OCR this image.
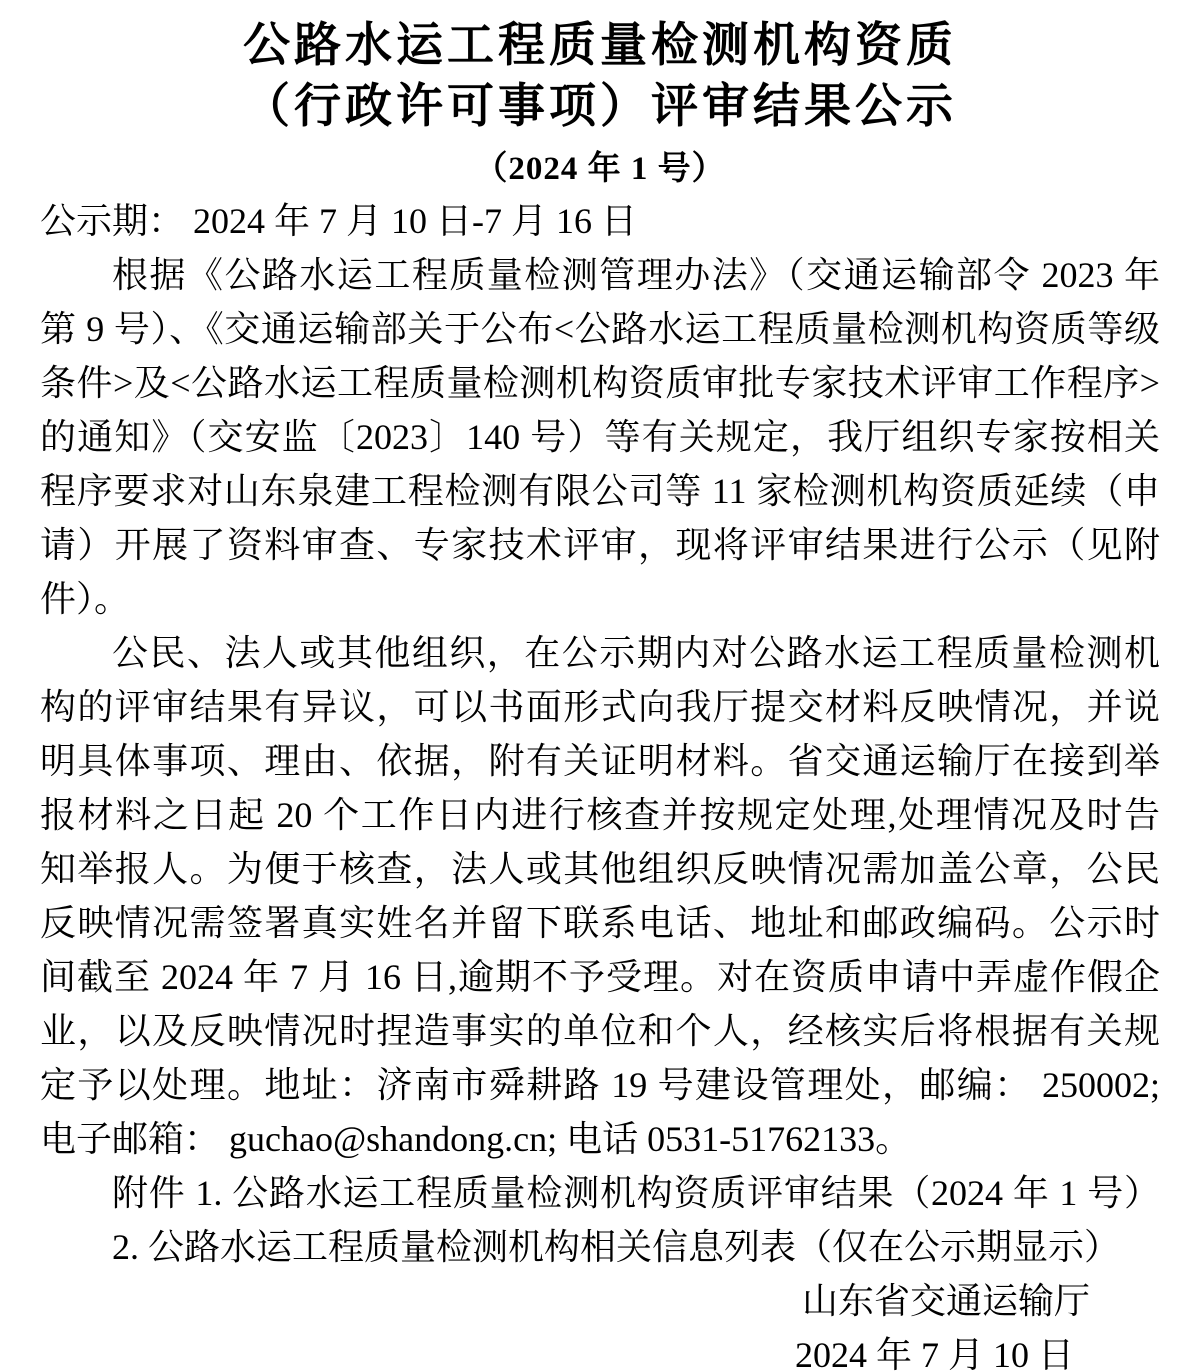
公路水运工程质量检测机构资质
（行政许可事项）评审结果公示
（2024 年 1 号）
公示期： 2024 年 7 月 10 日-7 月 16 日
根据《公路水运工程质量检测管理办法》（交通运输部令 2023 年
第 9 号）、《交通运输部关于公布<公路水运工程质量检测机构资质等级
条件>及<公路水运工程质量检测机构资质审批专家技术评审工作程序>
的通知》（交安监〔2023〕140 号）等有关规定，我厅组织专家按相关
程序要求对山东泉建工程检测有限公司等 11 家检测机构资质延续（申
请）开展了资料审查、专家技术评审，现将评审结果进行公示（见附
件）。
公民、法人或其他组织，在公示期内对公路水运工程质量检测机
构的评审结果有异议，可以书面形式向我厅提交材料反映情况，并说
明具体事项、理由、依据，附有关证明材料。省交通运输厅在接到举
报材料之日起 20 个工作日内进行核查并按规定处理,处理情况及时告
知举报人。为便于核查，法人或其他组织反映情况需加盖公章，公民
反映情况需签署真实姓名并留下联系电话、地址和邮政编码。公示时
间截至 2024 年 7 月 16 日,逾期不予受理。对在资质申请中弄虚作假企
业，以及反映情况时捏造事实的单位和个人，经核实后将根据有关规
定予以处理。地址：济南市舜耕路 19 号建设管理处，邮编： 250002;
电子邮箱： guchao@shandong.cn; 电话 0531-51762133。
附件 1. 公路水运工程质量检测机构资质评审结果（2024 年 1 号）
2. 公路水运工程质量检测机构相关信息列表（仅在公示期显示）
山东省交通运输厅
2024 年 7 月 10 日
